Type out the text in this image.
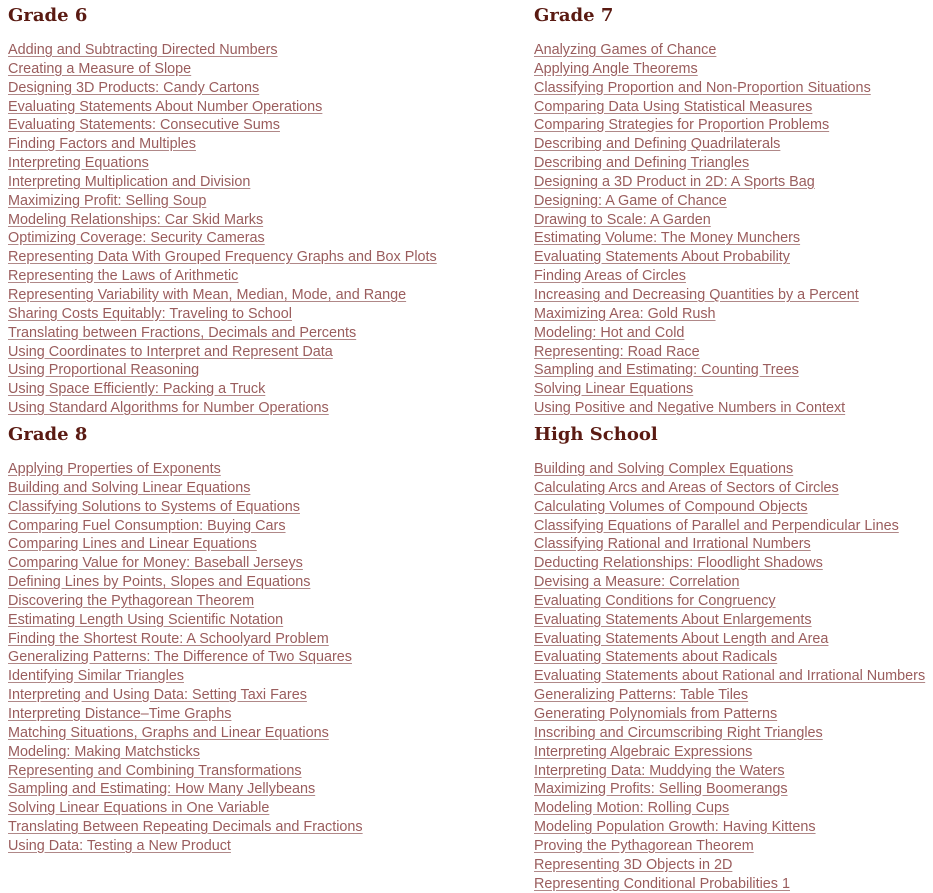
Grade 6
Adding and Subtracting Directed Numbers
Creating a Measure of Slope
Designing 3D Products: Candy Cartons
Evaluating Statements About Number Operations
Evaluating Statements: Consecutive Sums
Finding Factors and Multiples
Interpreting Equations
Interpreting Multiplication and Division
Maximizing Profit: Selling Soup
Modeling Relationships: Car Skid Marks
Optimizing Coverage: Security Cameras
Representing Data With Grouped Frequency Graphs and Box Plots
Representing the Laws of Arithmetic
Representing Variability with Mean, Median, Mode, and Range
Sharing Costs Equitably: Traveling to School
Translating between Fractions, Decimals and Percents
Using Coordinates to Interpret and Represent Data
Using Proportional Reasoning
Using Space Efficiently: Packing a Truck
Using Standard Algorithms for Number Operations
Grade 7
Analyzing Games of Chance
Applying Angle Theorems
Classifying Proportion and Non-Proportion Situations
Comparing Data Using Statistical Measures
Comparing Strategies for Proportion Problems
Describing and Defining Quadrilaterals
Describing and Defining Triangles
Designing a 3D Product in 2D: A Sports Bag
Designing: A Game of Chance
Drawing to Scale: A Garden
Estimating Volume: The Money Munchers
Evaluating Statements About Probability
Finding Areas of Circles
Increasing and Decreasing Quantities by a Percent
Maximizing Area: Gold Rush
Modeling: Hot and Cold
Representing: Road Race
Sampling and Estimating: Counting Trees
Solving Linear Equations
Using Positive and Negative Numbers in Context
Grade 8
Applying Properties of Exponents
Building and Solving Linear Equations
Classifying Solutions to Systems of Equations
Comparing Fuel Consumption: Buying Cars
Comparing Lines and Linear Equations
Comparing Value for Money: Baseball Jerseys
Defining Lines by Points, Slopes and Equations
Discovering the Pythagorean Theorem
Estimating Length Using Scientific Notation
Finding the Shortest Route: A Schoolyard Problem
Generalizing Patterns: The Difference of Two Squares
Identifying Similar Triangles
Interpreting and Using Data: Setting Taxi Fares
Interpreting Distance–Time Graphs
Matching Situations, Graphs and Linear Equations
Modeling: Making Matchsticks
Representing and Combining Transformations
Sampling and Estimating: How Many Jellybeans
Solving Linear Equations in One Variable
Translating Between Repeating Decimals and Fractions
Using Data: Testing a New Product
High School
Building and Solving Complex Equations
Calculating Arcs and Areas of Sectors of Circles
Calculating Volumes of Compound Objects
Classifying Equations of Parallel and Perpendicular Lines
Classifying Rational and Irrational Numbers
Deducting Relationships: Floodlight Shadows
Devising a Measure: Correlation
Evaluating Conditions for Congruency
Evaluating Statements About Enlargements
Evaluating Statements About Length and Area
Evaluating Statements about Radicals
Evaluating Statements about Rational and Irrational Numbers
Generalizing Patterns: Table Tiles
Generating Polynomials from Patterns
Inscribing and Circumscribing Right Triangles
Interpreting Algebraic Expressions
Interpreting Data: Muddying the Waters
Maximizing Profits: Selling Boomerangs
Modeling Motion: Rolling Cups
Modeling Population Growth: Having Kittens
Proving the Pythagorean Theorem
Representing 3D Objects in 2D
Representing Conditional Probabilities 1
